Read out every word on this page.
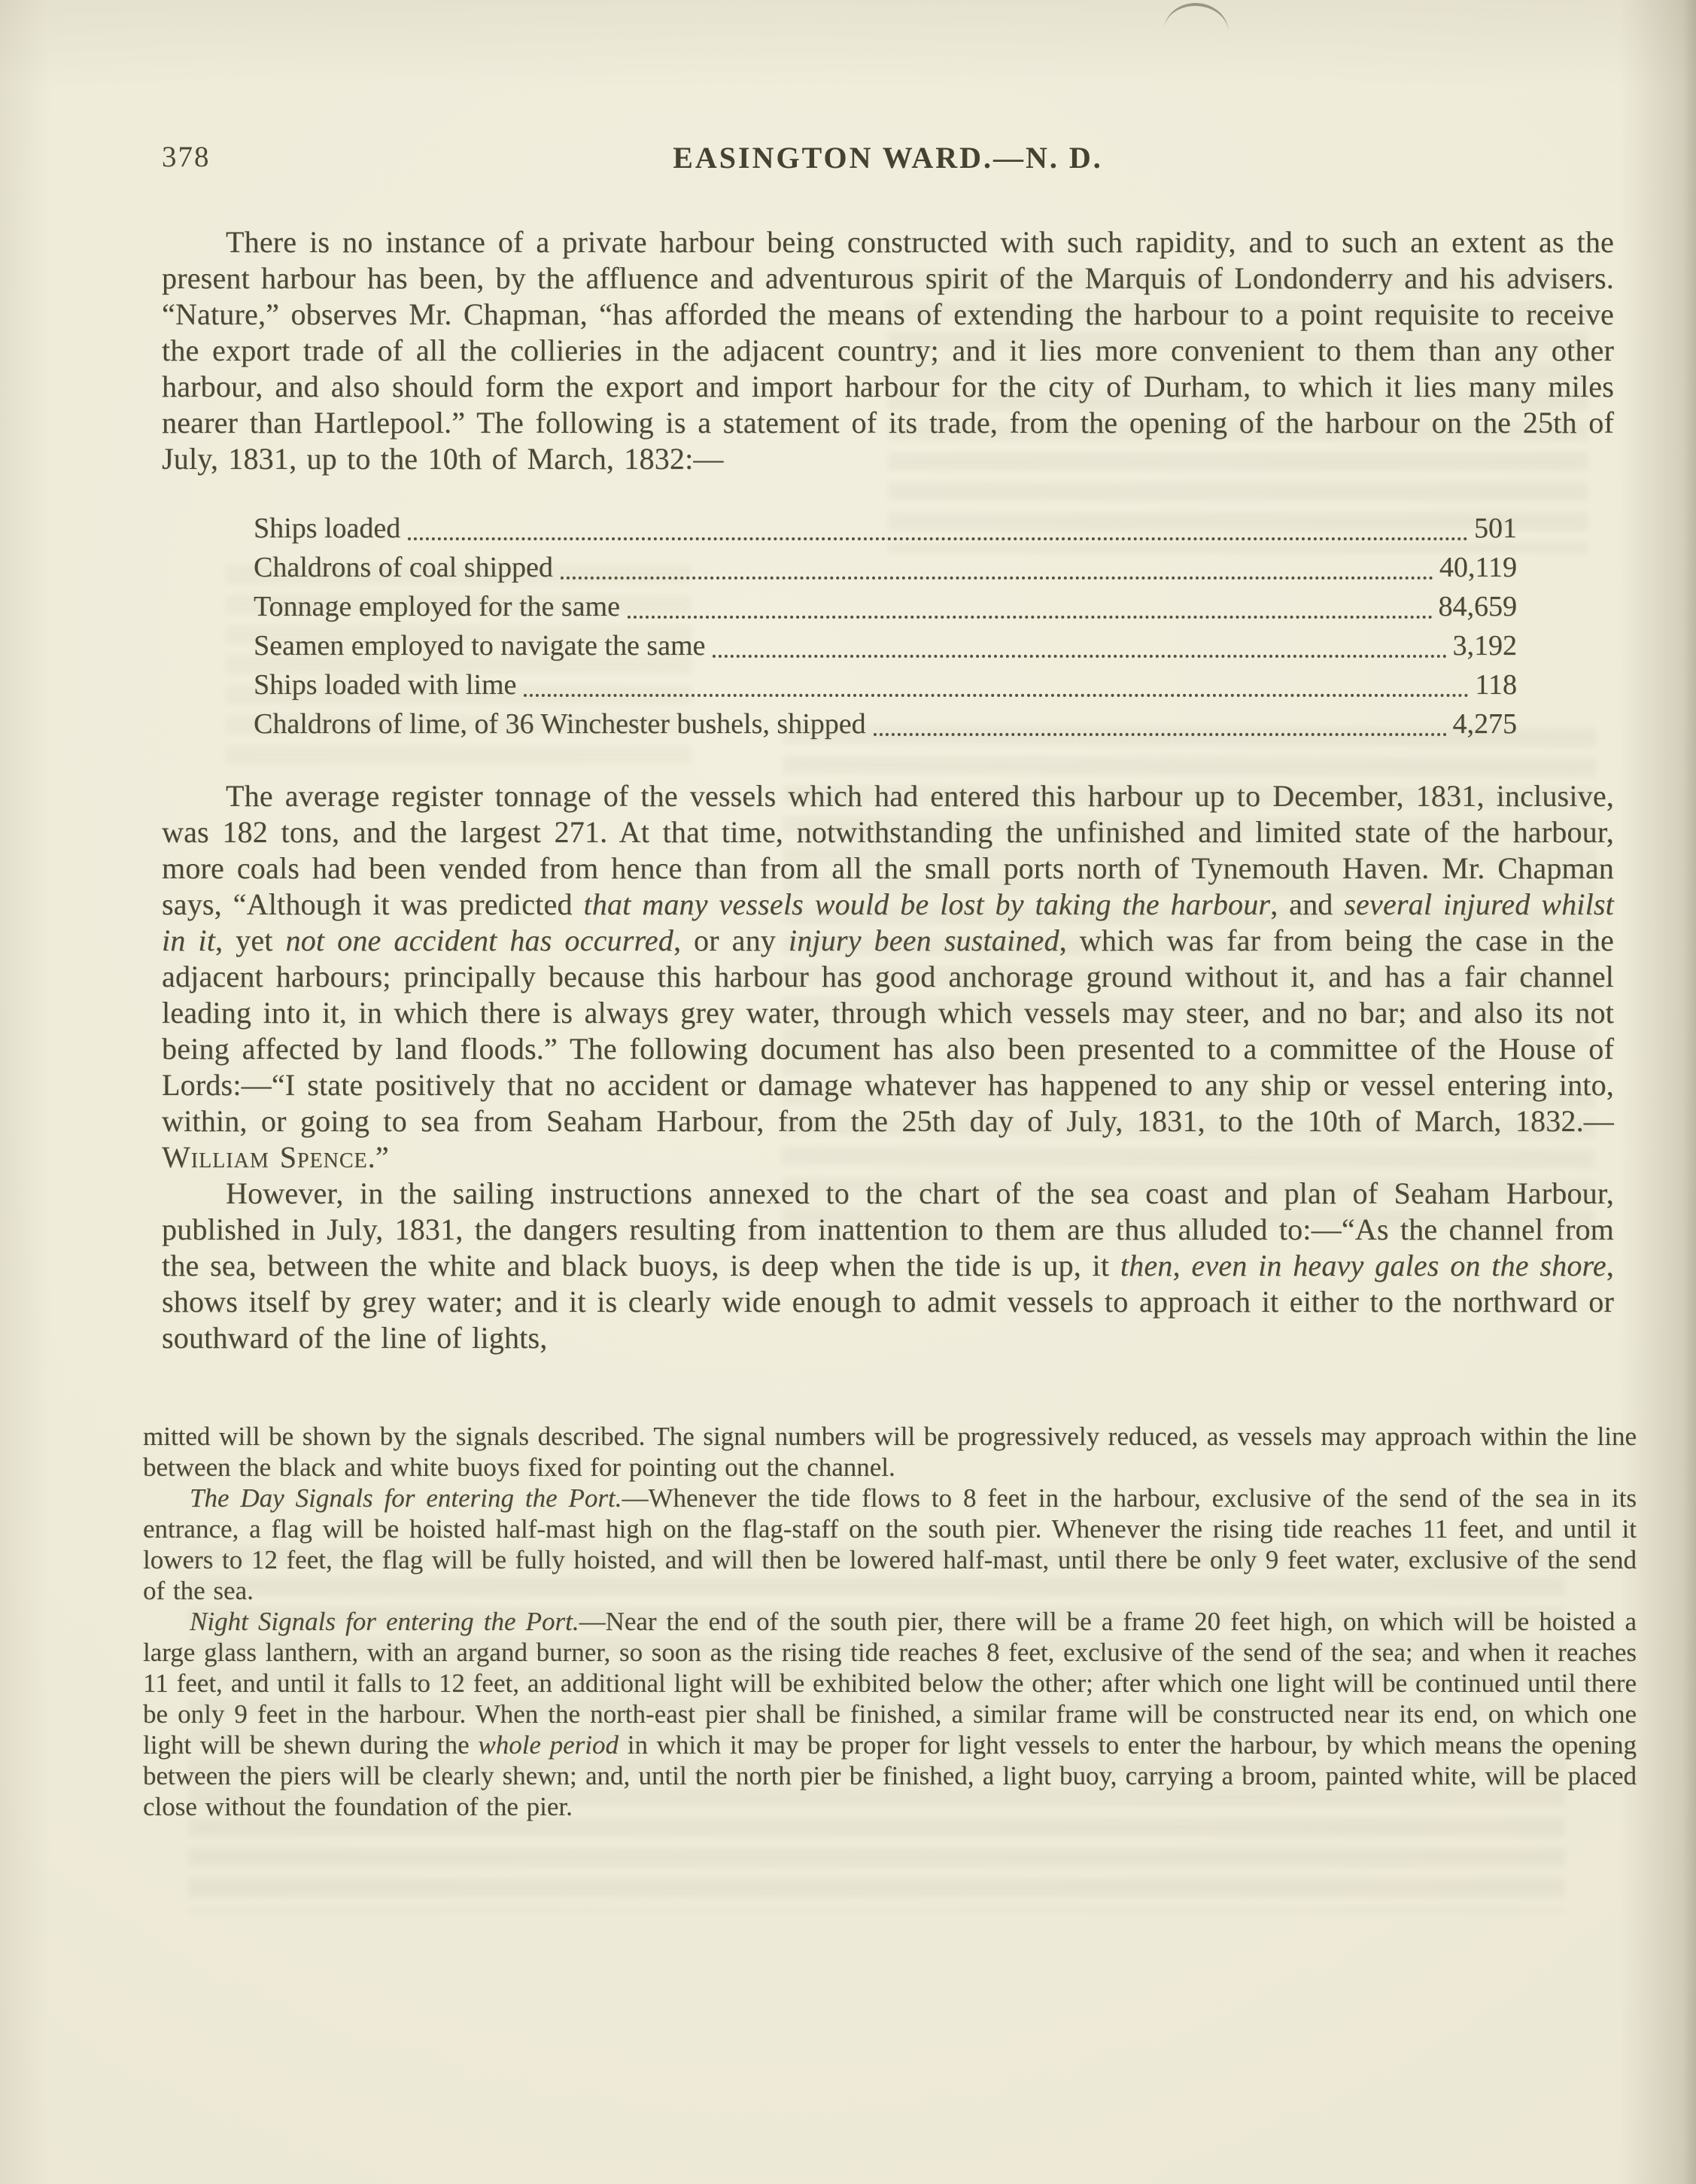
378	EASINGTON WARD.—N. D.

There is no instance of a private harbour being constructed with such rapidity, and to such an extent as the present harbour has been, by the affluence and adventurous spirit of the Marquis of Londonderry and his advisers. “Nature,” observes Mr. Chapman, “has afforded the means of extending the harbour to a point requisite to receive the export trade of all the collieries in the adjacent country; and it lies more convenient to them than any other harbour, and also should form the export and import harbour for the city of Durham, to which it lies many miles nearer than Hartlepool.” The following is a statement of its trade, from the opening of the harbour on the 25th of July, 1831, up to the 10th of March, 1832:—

Ships loaded	501
Chaldrons of coal shipped	40,119
Tonnage employed for the same	84,659
Seamen employed to navigate the same	3,192
Ships loaded with lime	118
Chaldrons of lime, of 36 Winchester bushels, shipped	4,275

The average register tonnage of the vessels which had entered this harbour up to December, 1831, inclusive, was 182 tons, and the largest 271. At that time, notwithstanding the unfinished and limited state of the harbour, more coals had been vended from hence than from all the small ports north of Tynemouth Haven. Mr. Chapman says, “Although it was predicted that many vessels would be lost by taking the harbour, and several injured whilst in it, yet not one accident has occurred, or any injury been sustained, which was far from being the case in the adjacent harbours; principally because this harbour has good anchorage ground without it, and has a fair channel leading into it, in which there is always grey water, through which vessels may steer, and no bar; and also its not being affected by land floods.” The following document has also been presented to a committee of the House of Lords:—“I state positively that no accident or damage whatever has happened to any ship or vessel entering into, within, or going to sea from Seaham Harbour, from the 25th day of July, 1831, to the 10th of March, 1832.—William Spence.”

However, in the sailing instructions annexed to the chart of the sea coast and plan of Seaham Harbour, published in July, 1831, the dangers resulting from inattention to them are thus alluded to:—“As the channel from the sea, between the white and black buoys, is deep when the tide is up, it then, even in heavy gales on the shore, shows itself by grey water; and it is clearly wide enough to admit vessels to approach it either to the northward or southward of the line of lights,

mitted will be shown by the signals described. The signal numbers will be progressively reduced, as vessels may approach within the line between the black and white buoys fixed for pointing out the channel.

The Day Signals for entering the Port.—Whenever the tide flows to 8 feet in the harbour, exclusive of the send of the sea in its entrance, a flag will be hoisted half-mast high on the flag-staff on the south pier. Whenever the rising tide reaches 11 feet, and until it lowers to 12 feet, the flag will be fully hoisted, and will then be lowered half-mast, until there be only 9 feet water, exclusive of the send of the sea.

Night Signals for entering the Port.—Near the end of the south pier, there will be a frame 20 feet high, on which will be hoisted a large glass lanthern, with an argand burner, so soon as the rising tide reaches 8 feet, exclusive of the send of the sea; and when it reaches 11 feet, and until it falls to 12 feet, an additional light will be exhibited below the other; after which one light will be continued until there be only 9 feet in the harbour. When the north-east pier shall be finished, a similar frame will be constructed near its end, on which one light will be shewn during the whole period in which it may be proper for light vessels to enter the harbour, by which means the opening between the piers will be clearly shewn; and, until the north pier be finished, a light buoy, carrying a broom, painted white, will be placed close without the foundation of the pier.
